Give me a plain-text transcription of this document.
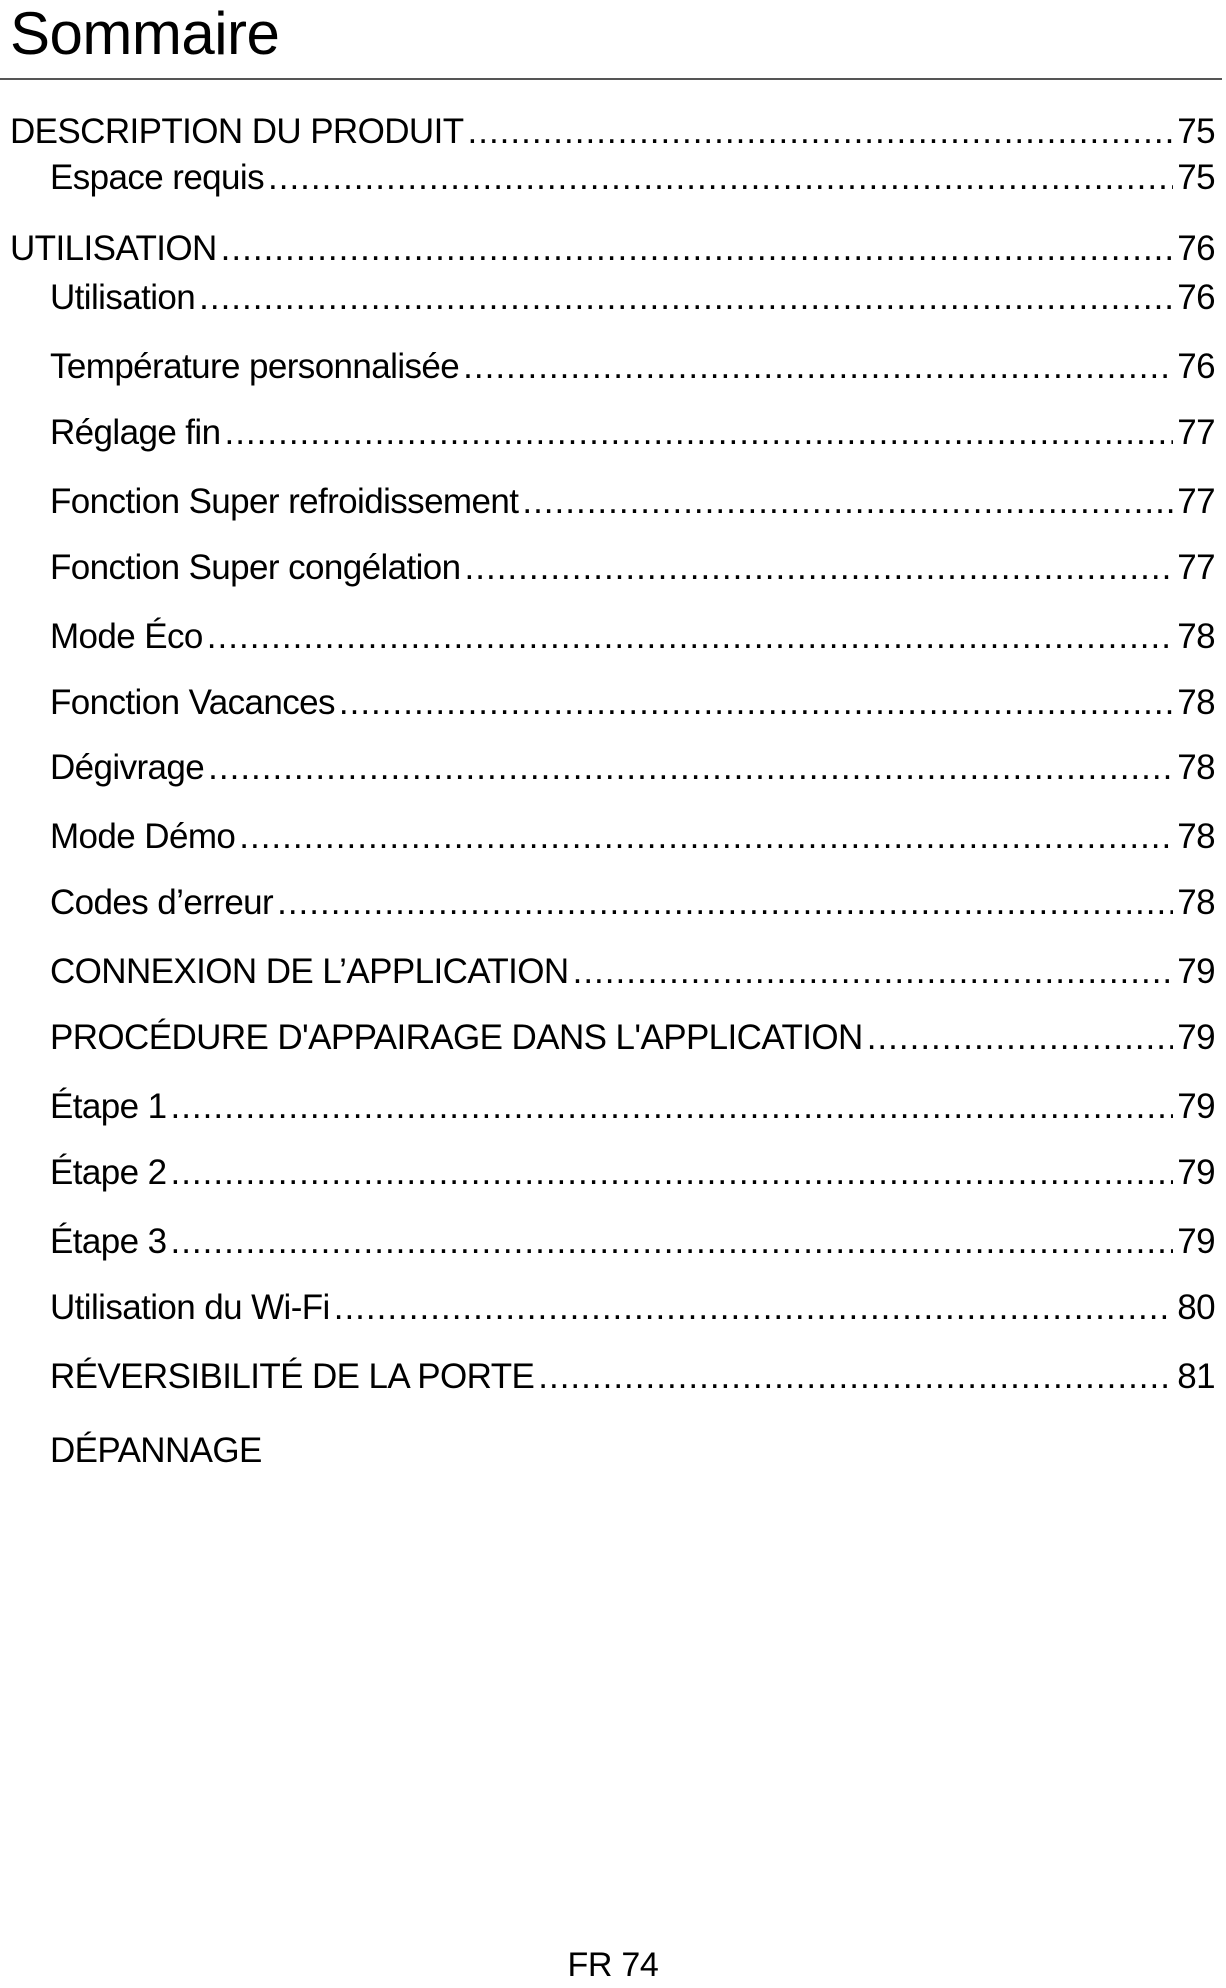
Sommaire
DESCRIPTION DU PRODUIT .....	75
Espace requis .....	75
UTILISATION .....	76
Utilisation .....	76
Température personnalisée .....	76
Réglage fin .....	77
Fonction Super refroidissement .....	77
Fonction Super congélation .....	77
Mode Éco .....	78
Fonction Vacances .....	78
Dégivrage .....	78
Mode Démo .....	78
Codes d’erreur .....	78
CONNEXION DE L’APPLICATION .....	79
PROCÉDURE D'APPAIRAGE DANS L'APPLICATION .....	79
Étape 1 .....	79
Étape 2 .....	79
Étape 3 .....	79
Utilisation du Wi-Fi .....	80
RÉVERSIBILITÉ DE LA PORTE .....	81
DÉPANNAGE
FR 74
